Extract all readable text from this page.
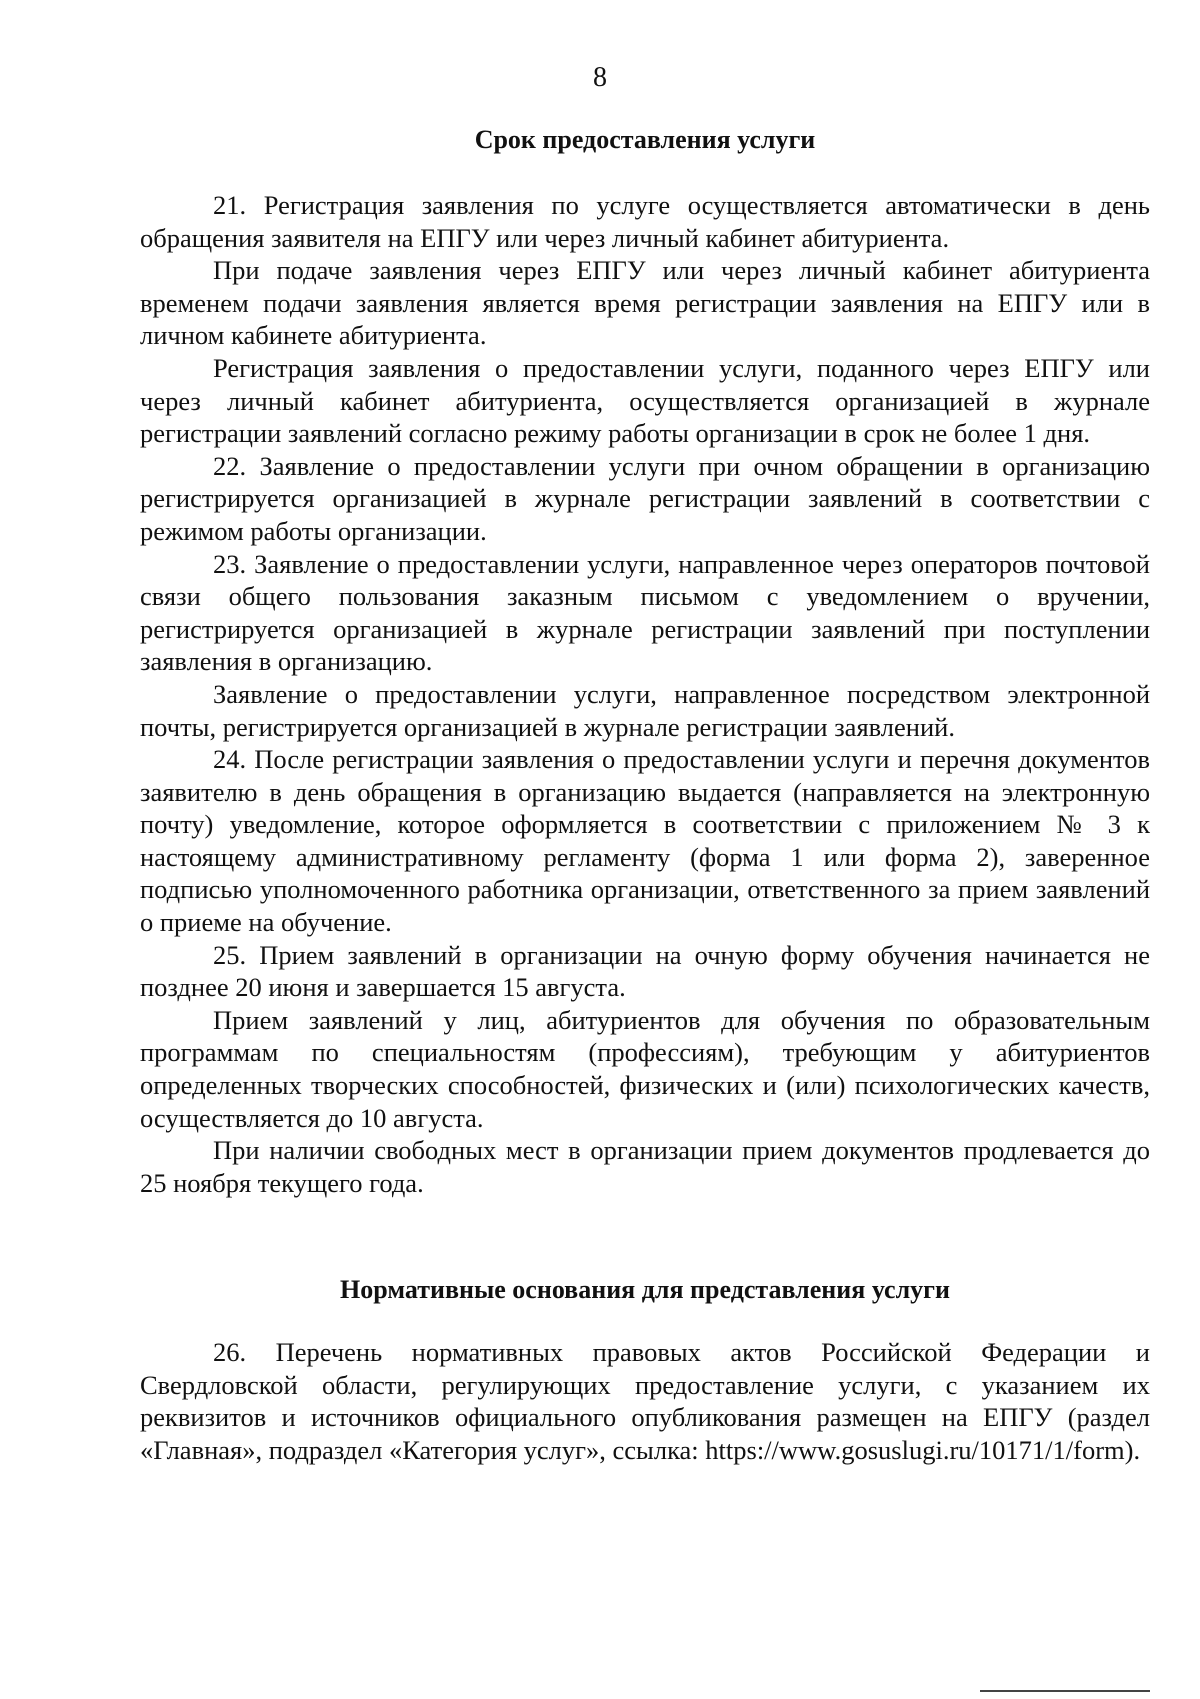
8
Срок предоставления услуги

21. Регистрация заявления по услуге осуществляется автоматически в день обращения заявителя на ЕПГУ или через личный кабинет абитуриента.

При подаче заявления через ЕПГУ или через личный кабинет абитуриента временем подачи заявления является время регистрации заявления на ЕПГУ или в личном кабинете абитуриента.

Регистрация заявления о предоставлении услуги, поданного через ЕПГУ или через личный кабинет абитуриента, осуществляется организацией в журнале регистрации заявлений согласно режиму работы организации в срок не более 1 дня.

22. Заявление о предоставлении услуги при очном обращении в организацию регистрируется организацией в журнале регистрации заявлений в соответствии с режимом работы организации.

23. Заявление о предоставлении услуги, направленное через операторов почтовой связи общего пользования заказным письмом с уведомлением о вручении, регистрируется организацией в журнале регистрации заявлений при поступлении заявления в организацию.

Заявление о предоставлении услуги, направленное посредством электронной почты, регистрируется организацией в журнале регистрации заявлений.

24. После регистрации заявления о предоставлении услуги и перечня документов заявителю в день обращения в организацию выдается (направляется на электронную почту) уведомление, которое оформляется в соответствии с приложением № 3 к настоящему административному регламенту (форма 1 или форма 2), заверенное подписью уполномоченного работника организации, ответственного за прием заявлений о приеме на обучение.

25. Прием заявлений в организации на очную форму обучения начинается не позднее 20 июня и завершается 15 августа.

Прием заявлений у лиц, абитуриентов для обучения по образовательным программам по специальностям (профессиям), требующим у абитуриентов определенных творческих способностей, физических и (или) психологических качеств, осуществляется до 10 августа.

При наличии свободных мест в организации прием документов продлевается до 25 ноября текущего года.

Нормативные основания для представления услуги

26. Перечень нормативных правовых актов Российской Федерации и Свердловской области, регулирующих предоставление услуги, с указанием их реквизитов и источников официального опубликования размещен на ЕПГУ (раздел «Главная», подраздел «Категория услуг», ссылка: https://www.gosuslugi.ru/10171/1/form).
